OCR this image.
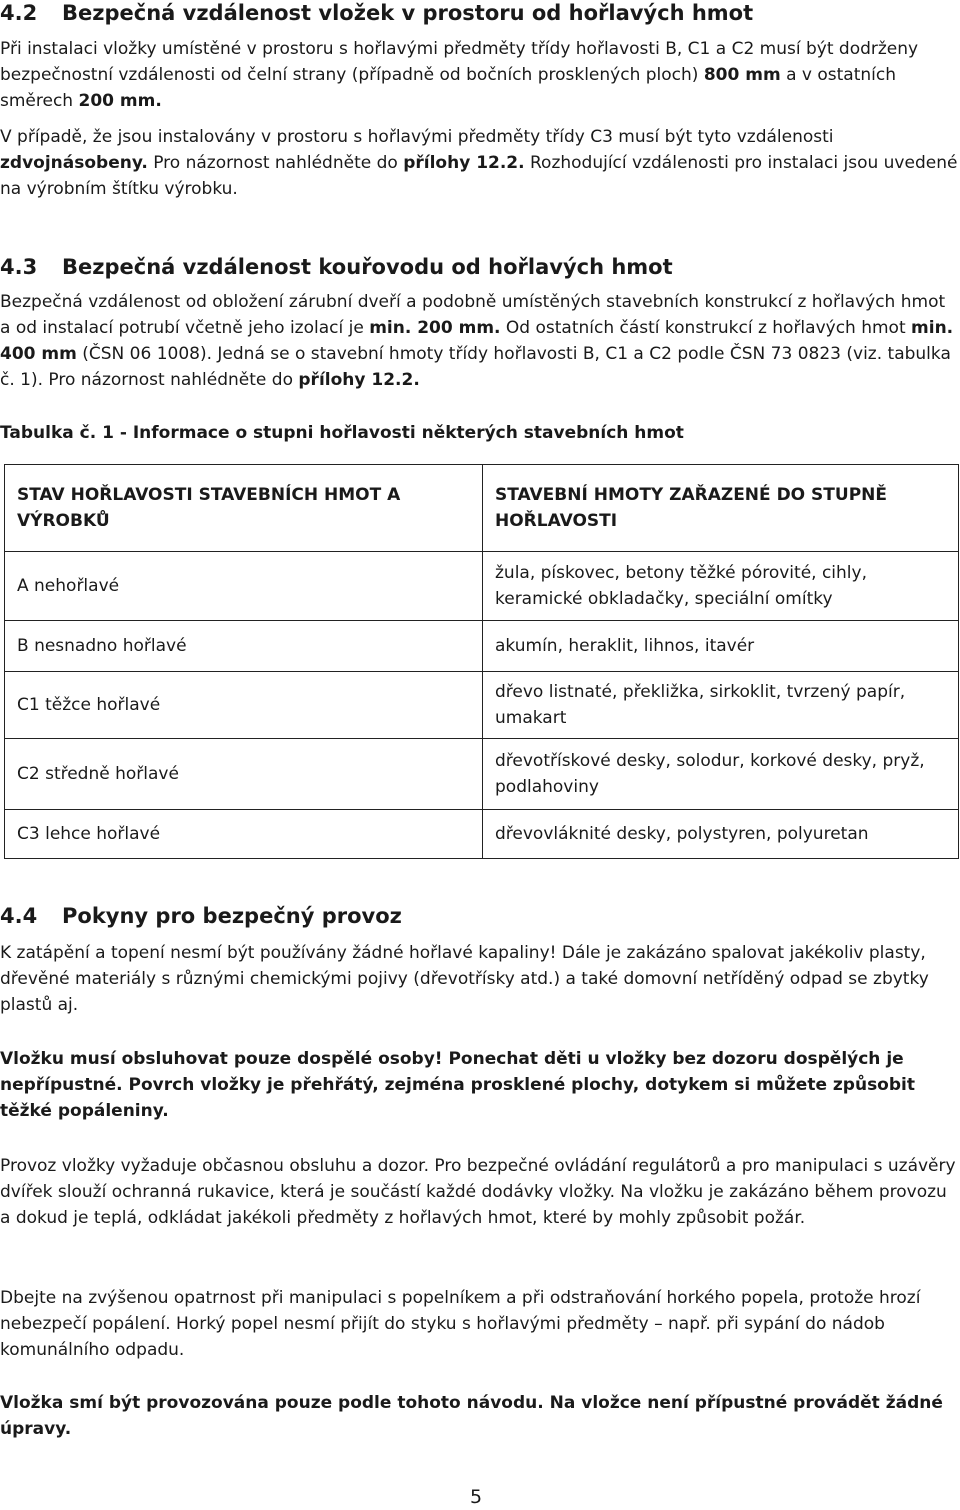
4.2 Bezpečná vzdálenost vložek v prostoru od hořlavých hmot

Při instalaci vložky umístěné v prostoru s hořlavými předměty třídy hořlavosti B, C1 a C2 musí být dodrženy bezpečnostní vzdálenosti od čelní strany (případně od bočních prosklených ploch) 800 mm a v ostatních směrech 200 mm.

V případě, že jsou instalovány v prostoru s hořlavými předměty třídy C3 musí být tyto vzdálenosti zdvojnásobeny. Pro názornost nahlédněte do přílohy 12.2. Rozhodující vzdálenosti pro instalaci jsou uvedené na výrobním štítku výrobku.

4.3 Bezpečná vzdálenost kouřovodu od hořlavých hmot

Bezpečná vzdálenost od obložení zárubní dveří a podobně umístěných stavebních konstrukcí z hořlavých hmot a od instalací potrubí včetně jeho izolací je min. 200 mm. Od ostatních částí konstrukcí z hořlavých hmot min. 400 mm (ČSN 06 1008). Jedná se o stavební hmoty třídy hořlavosti B, C1 a C2 podle ČSN 73 0823 (viz. tabulka č. 1). Pro názornost nahlédněte do přílohy 12.2.

Tabulka č. 1 - Informace o stupni hořlavosti některých stavebních hmot

STAV HOŘLAVOSTI STAVEBNÍCH HMOT A VÝROBKŮ	STAVEBNÍ HMOTY ZAŘAZENÉ DO STUPNĚ HOŘLAVOSTI
A nehořlavé	žula, pískovec, betony těžké pórovité, cihly, keramické obkladačky, speciální omítky
B nesnadno hořlavé	akumín, heraklit, lihnos, itavér
C1 těžce hořlavé	dřevo listnaté, překližka, sirkoklit, tvrzený papír, umakart
C2 středně hořlavé	dřevotřískové desky, solodur, korkové desky, pryž, podlahoviny
C3 lehce hořlavé	dřevovláknité desky, polystyren, polyuretan
4.4 Pokyny pro bezpečný provoz

K zatápění a topení nesmí být používány žádné hořlavé kapaliny! Dále je zakázáno spalovat jakékoliv plasty, dřevěné materiály s různými chemickými pojivy (dřevotřísky atd.) a také domovní netříděný odpad se zbytky plastů aj.

Vložku musí obsluhovat pouze dospělé osoby! Ponechat děti u vložky bez dozoru dospělých je nepřípustné. Povrch vložky je přehřátý, zejména prosklené plochy, dotykem si můžete způsobit těžké popáleniny.

Provoz vložky vyžaduje občasnou obsluhu a dozor. Pro bezpečné ovládání regulátorů a pro manipulaci s uzávěry dvířek slouží ochranná rukavice, která je součástí každé dodávky vložky. Na vložku je zakázáno během provozu a dokud je teplá, odkládat jakékoli předměty z hořlavých hmot, které by mohly způsobit požár.

Dbejte na zvýšenou opatrnost při manipulaci s popelníkem a při odstraňování horkého popela, protože hrozí nebezpečí popálení. Horký popel nesmí přijít do styku s hořlavými předměty – např. při sypání do nádob komunálního odpadu.

Vložka smí být provozována pouze podle tohoto návodu. Na vložce není přípustné provádět žádné úpravy.

5
